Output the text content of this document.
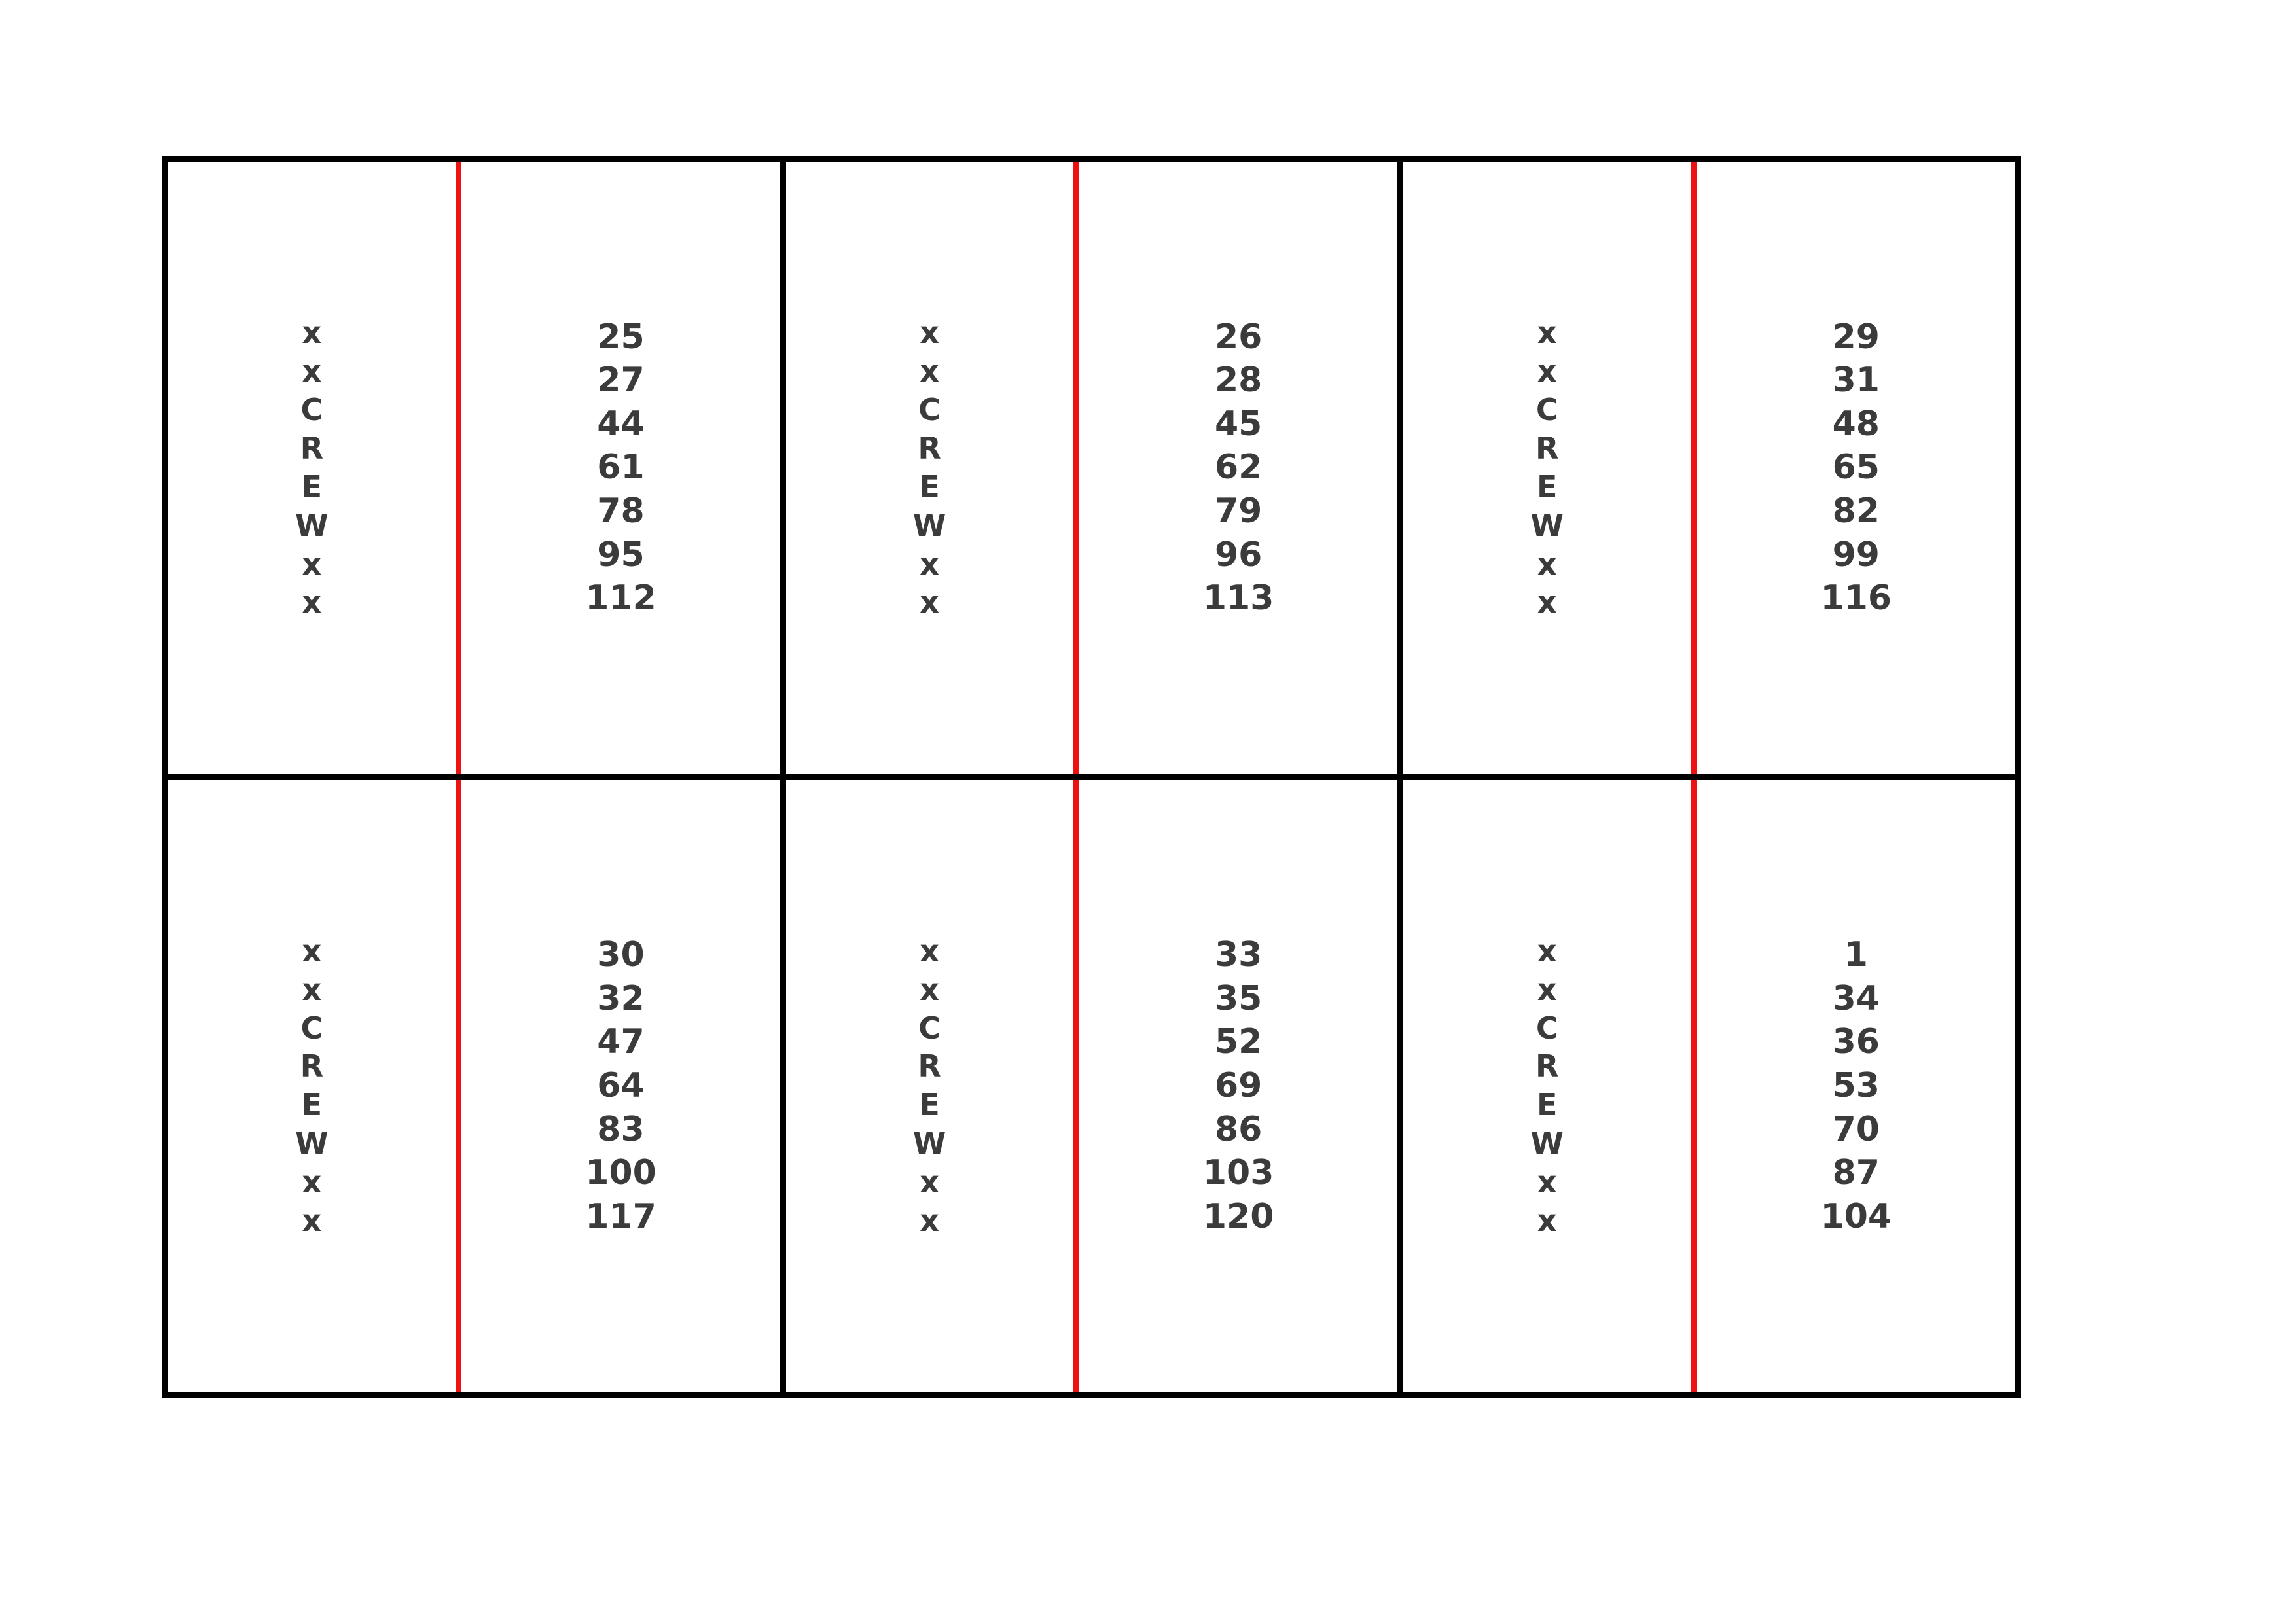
x
x
C
R
E
W
x
x
25
27
44
61
78
95
112
x
x
C
R
E
W
x
x
26
28
45
62
79
96
113
x
x
C
R
E
W
x
x
29
31
48
65
82
99
116
x
x
C
R
E
W
x
x
30
32
47
64
83
100
117
x
x
C
R
E
W
x
x
33
35
52
69
86
103
120
x
x
C
R
E
W
x
x
1
34
36
53
70
87
104
